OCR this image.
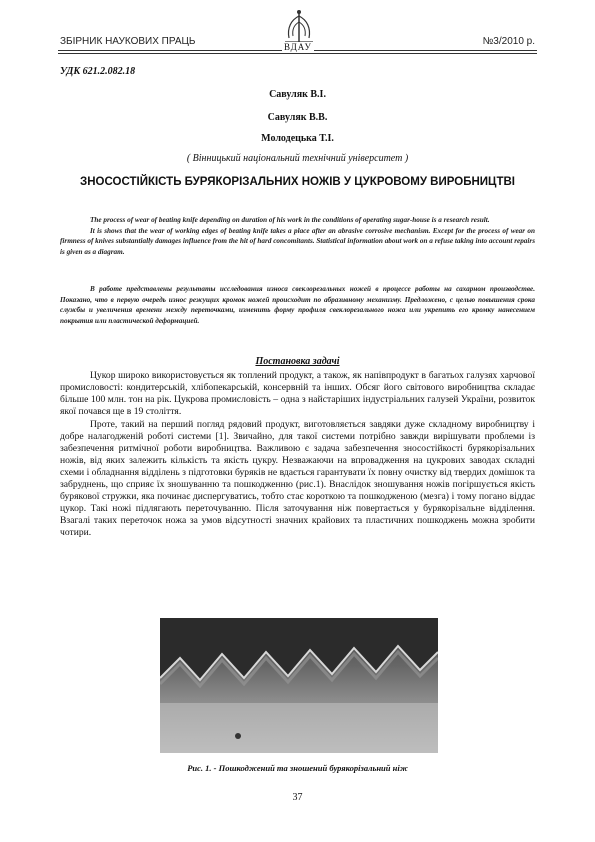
ЗБІРНИК НАУКОВИХ ПРАЦЬ	№3/2010 р.
ВДАУ
УДК 621.2.082.18
Савуляк В.І.
Савуляк В.В.
Молодецька Т.І.
( Вінницький національний технічний університет )
ЗНОСОСТІЙКІСТЬ БУРЯКОРІЗАЛЬНИХ НОЖІВ У ЦУКРОВОМУ ВИРОБНИЦТВІ

The process of wear of beating knife depending on duration of his work in the conditions of operating sugar-house is a research result.

It is shows that the wear of working edges of beating knife takes a place after an abrasive corrosive mechanism. Except for the process of wear on firmness of knives substantially damages influence from the hit of hard concomitants. Statistical information about work on a refuse taking into account repairs is given as a diagram.

В работе представлены результаты исследования износа свеклорезальных ножей в процессе работы на сахарном производстве. Показано, что в первую очередь износ режущих кромок ножей происходит по абразивному механизму. Предложено, с целью повышения срока службы и увеличения времени между переточками, изменить форму профиля свеклорезального ножа или укрепить его кромку нанесением покрытия или пластической деформацией.

Постановка задачі

Цукор широко використовується як топлений продукт, а також, як напівпродукт в багатьох галузях харчової промисловості: кондитерській, хлібопекарській, консервній та інших. Обсяг його світового виробництва складає більше 100 млн. тон на рік. Цукрова промисловість – одна з найстаріших індустріальних галузей України, розвиток якої почався ще в 19 століття.

Проте, такий на перший погляд рядовий продукт, виготовляється завдяки дуже складному виробництву і добре налагодженій роботі системи [1]. Звичайно, для такої системи потрібно завжди вирішувати проблеми із забезпечення ритмічної роботи виробництва. Важливою є задача забезпечення зносостійкості бурякорізальних ножів, від яких залежить кількість та якість цукру. Незважаючи на впровадження на цукрових заводах складні схеми і обладнання відділень з підготовки буряків не вдається гарантувати їх повну очистку від твердих домішок та забруднень, що сприяє їх зношуванню та пошкодженню (рис.1). Внаслідок зношування ножів погіршується якість бурякової стружки, яка починає диспергуватись, тобто стає короткою та пошкодженою (мезга) і тому погано віддає цукор. Такі ножі підлягають переточуванню. Після заточування ніж повертається у бурякорізальне відділення. Взагалі таких переточок ножа за умов відсутності значних крайових та пластичних пошкоджень можна зробити чотири.

Рис. 1. - Пошкоджений та зношений бурякорізальний ніж
37
